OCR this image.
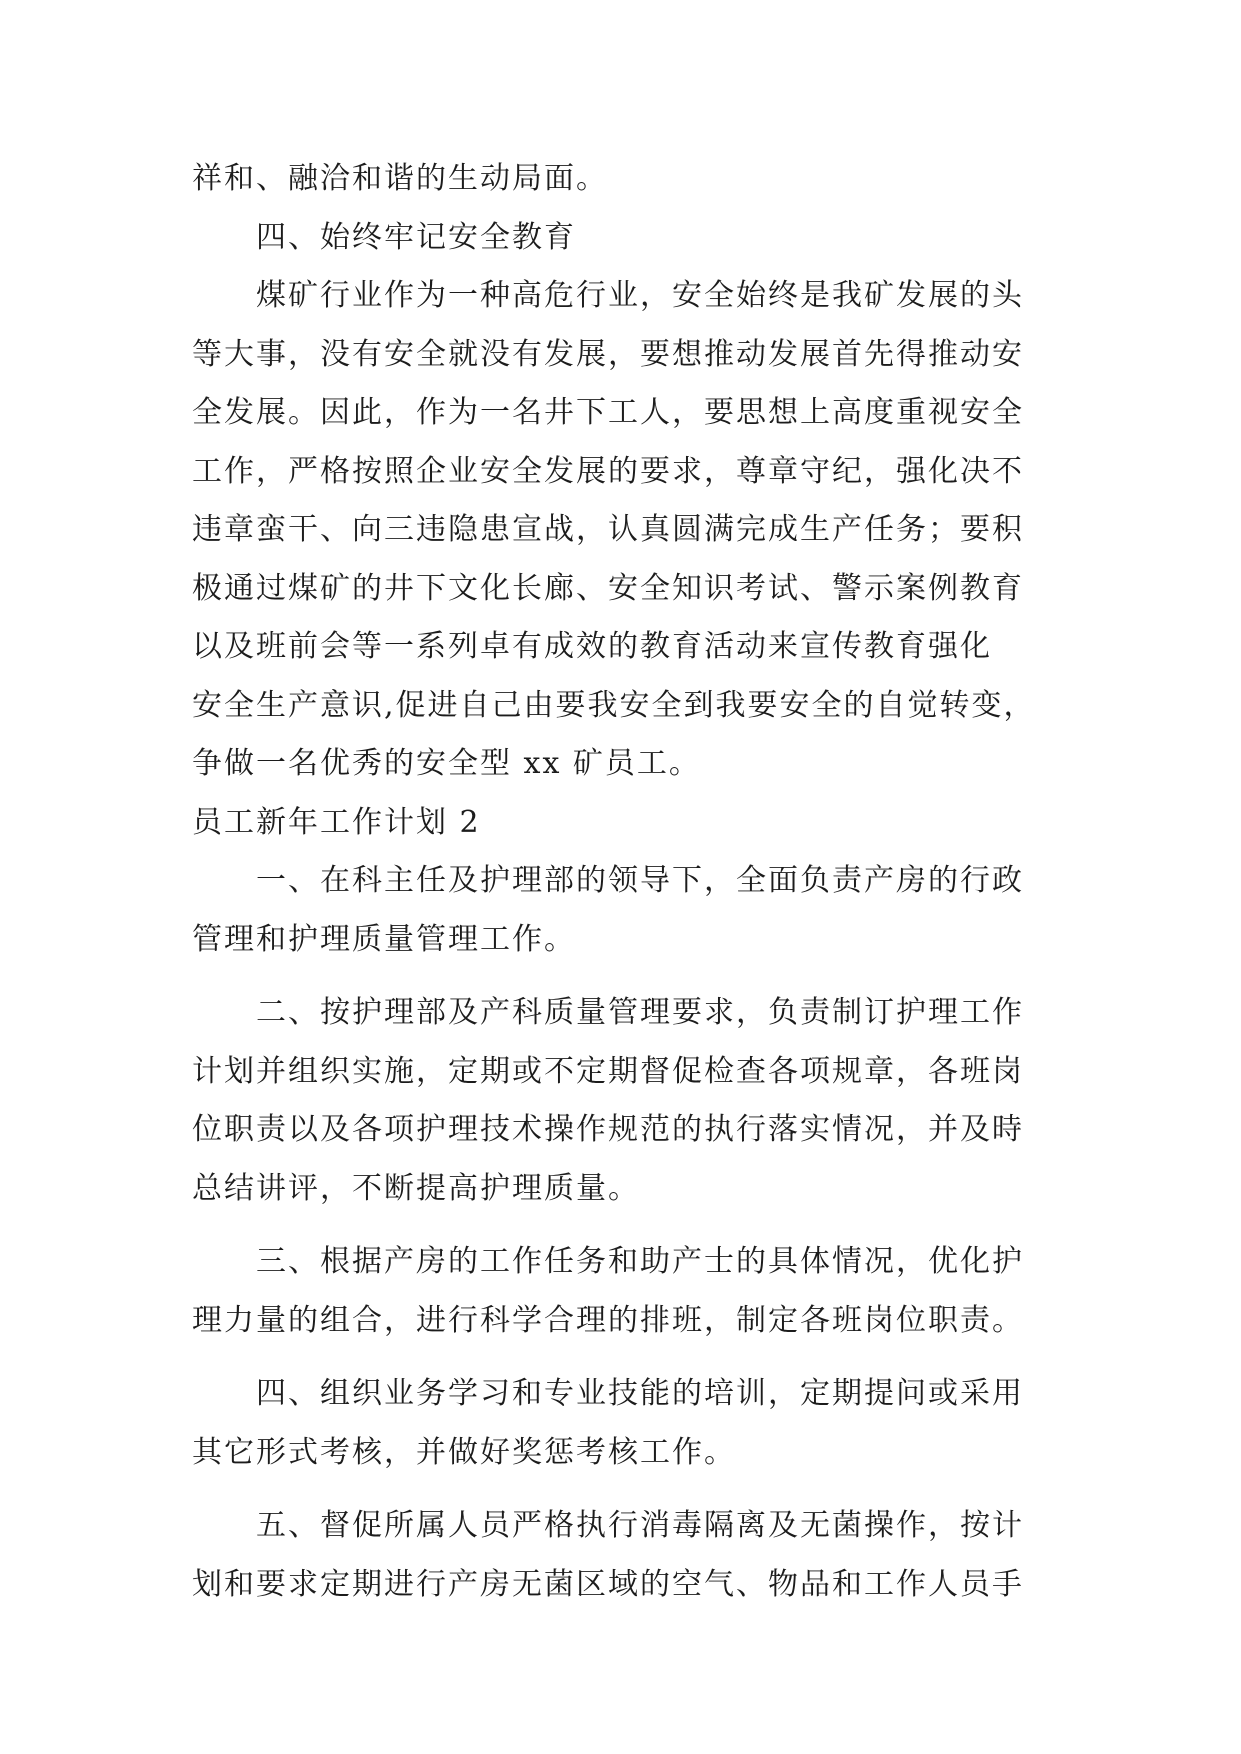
祥和、融洽和谐的生动局面。
四、始终牢记安全教育
煤矿行业作为一种高危行业，安全始终是我矿发展的头
等大事，没有安全就没有发展，要想推动发展首先得推动安
全发展。因此，作为一名井下工人，要思想上高度重视安全
工作，严格按照企业安全发展的要求，尊章守纪，强化决不
违章蛮干、向三违隐患宣战，认真圆满完成生产任务；要积
极通过煤矿的井下文化长廊、安全知识考试、警示案例教育
以及班前会等一系列卓有成效的教育活动来宣传教育强化
安全生产意识,促进自己由要我安全到我要安全的自觉转变，
争做一名优秀的安全型 xx 矿员工。
员工新年工作计划 2
一、在科主任及护理部的领导下，全面负责产房的行政
管理和护理质量管理工作。
二、按护理部及产科质量管理要求，负责制订护理工作
计划并组织实施，定期或不定期督促检查各项规章，各班岗
位职责以及各项护理技术操作规范的执行落实情况，并及時
总结讲评，不断提高护理质量。
三、根据产房的工作任务和助产士的具体情况，优化护
理力量的组合，进行科学合理的排班，制定各班岗位职责。
四、组织业务学习和专业技能的培训，定期提问或采用
其它形式考核，并做好奖惩考核工作。
五、督促所属人员严格执行消毒隔离及无菌操作，按计
划和要求定期进行产房无菌区域的空气、物品和工作人员手
